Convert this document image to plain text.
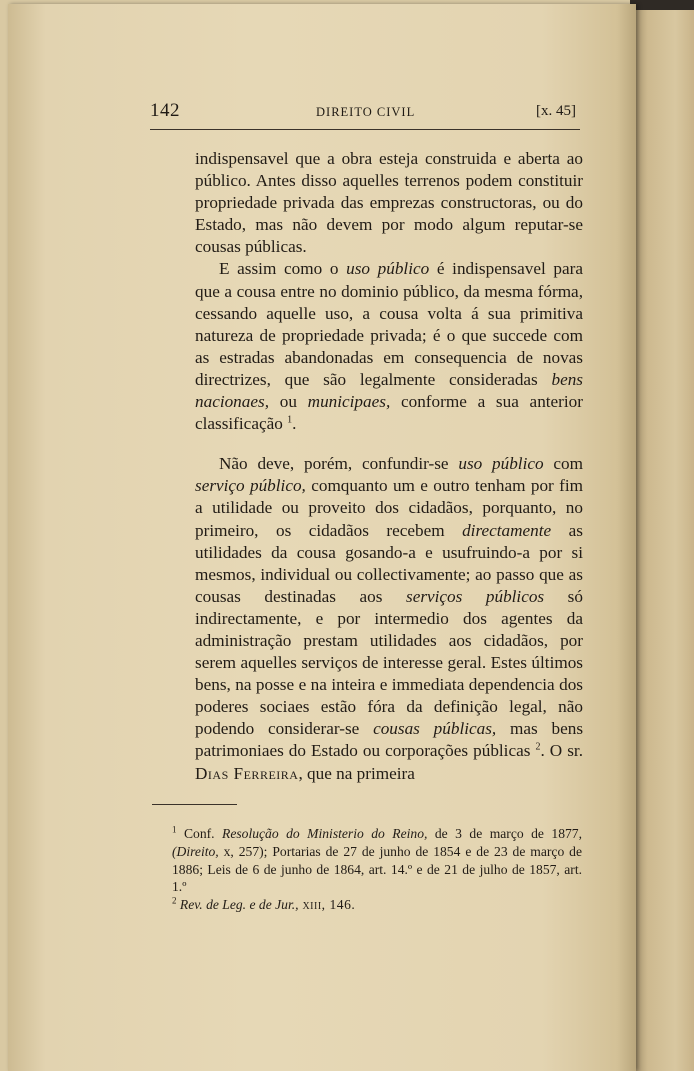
142	DIREITO CIVIL	[x. 45]

indispensavel que a obra esteja construida e aberta ao público. Antes disso aquelles terrenos podem constituir propriedade privada das emprezas constructoras, ou do Estado, mas não devem por modo algum reputar-se cousas públicas.

E assim como o uso público é indispensavel para que a cousa entre no dominio público, da mesma fórma, cessando aquelle uso, a cousa volta á sua primitiva natureza de propriedade privada; é o que succede com as estradas abandonadas em consequencia de novas directrizes, que são legalmente consideradas bens nacionaes, ou municipaes, conforme a sua anterior classificação $^1$.

Não deve, porém, confundir-se uso público com serviço público, comquanto um e outro tenham por fim a utilidade ou proveito dos cidadãos, porquanto, no primeiro, os cidadãos recebem directamente as utilidades da cousa gosando-a e usufruindo-a por si mesmos, individual ou collectivamente; ao passo que as cousas destinadas aos serviços públicos só indirectamente, e por intermedio dos agentes da administração prestam utilidades aos cidadãos, por serem aquelles serviços de interesse geral. Estes últimos bens, na posse e na inteira e immediata dependencia dos poderes sociaes estão fóra da definição legal, não podendo considerar-se cousas públicas, mas bens patrimoniaes do Estado ou corporações públicas $^2$. O sr. Dias Ferreira, que na primeira

$^1$ Conf. Resolução do Ministerio do Reino, de 3 de março de 1877, (Direito, x, 257); Portarias de 27 de junho de 1854 e de 23 de março de 1886; Leis de 6 de junho de 1864, art. 14.º e de 21 de julho de 1857, art. 1.º

$^2$ Rev. de Leg. e de Jur., xiii, 146.
